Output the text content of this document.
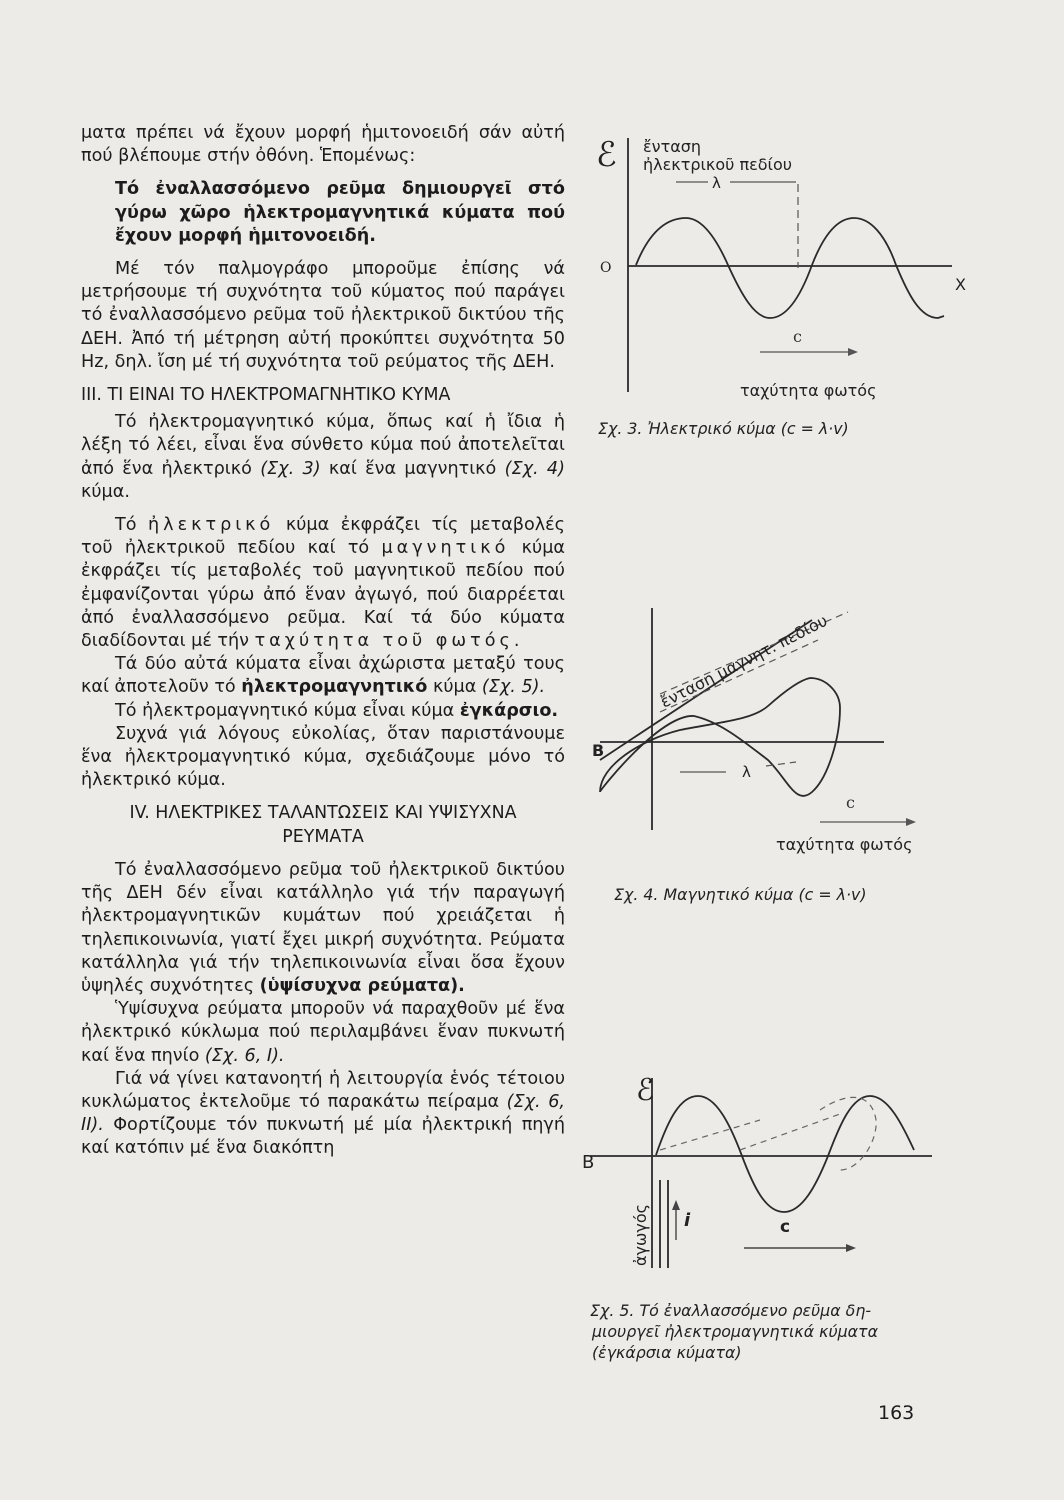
ματα πρέπει νά ἔχουν μορφή ἡμιτονοειδή σάν αὐτή πού βλέπουμε στήν ὀθόνη. Ἑπομένως:

Τό ἐναλλασσόμενο ρεῦμα δημιουργεῖ στό γύρω χῶρο ἡλεκτρομαγνητικά κύματα πού ἔχουν μορφή ἡμιτονοειδή.

Μέ τόν παλμογράφο μποροῦμε ἐπίσης νά μετρήσουμε τή συχνότητα τοῦ κύματος πού παράγει τό ἐναλλασσόμενο ρεῦμα τοῦ ἠλεκτρικοῦ δικτύου τῆς ΔΕΗ. Ἀπό τή μέτρηση αὐτή προκύπτει συχνότητα 50 Hz, δηλ. ἴση μέ τή συχνότητα τοῦ ρεύματος τῆς ΔΕΗ.

III. ΤΙ ΕΙΝΑΙ ΤΟ ΗΛΕΚΤΡΟΜΑΓΝΗΤΙΚΟ ΚΥΜΑ

Τό ἠλεκτρομαγνητικό κύμα, ὅπως καί ἡ ἴδια ἡ λέξη τό λέει, εἶναι ἕνα σύνθετο κύμα πού ἀποτελεῖται ἀπό ἕνα ἠλεκτρικό (Σχ. 3) καί ἕνα μαγνητικό (Σχ. 4) κύμα.

Τό ἠλεκτρικό κύμα ἐκφράζει τίς μεταβολές τοῦ ἠλεκτρικοῦ πεδίου καί τό μαγνητικό κύμα ἐκφράζει τίς μεταβολές τοῦ μαγνητικοῦ πεδίου πού ἐμφανίζονται γύρω ἀπό ἕναν ἀγωγό, πού διαρρέεται ἀπό ἐναλλασσόμενο ρεῦμα. Καί τά δύο κύματα διαδίδονται μέ τήν ταχύτητα τοῦ φωτός.

Τά δύο αὐτά κύματα εἶναι ἀχώριστα μεταξύ τους καί ἀποτελοῦν τό ἠλεκτρομαγνητικό κύμα (Σχ. 5).

Τό ἠλεκτρομαγνητικό κύμα εἶναι κύμα ἐγκάρσιο.

Συχνά γιά λόγους εὐκολίας, ὅταν παριστάνουμε ἕνα ἠλεκτρομαγνητικό κύμα, σχεδιάζουμε μόνο τό ἠλεκτρικό κύμα.

IV. ΗΛΕΚΤΡΙΚΕΣ ΤΑΛΑΝΤΩΣΕΙΣ ΚΑΙ ΥΨΙΣΥΧΝΑ
ΡΕΥΜΑΤΑ

Τό ἐναλλασσόμενο ρεῦμα τοῦ ἠλεκτρικοῦ δικτύου τῆς ΔΕΗ δέν εἶναι κατάλληλο γιά τήν παραγωγή ἠλεκτρομαγνητικῶν κυμάτων πού χρειάζεται ἡ τηλεπικοινωνία, γιατί ἔχει μικρή συχνότητα. Ρεύματα κατάλληλα γιά τήν τηλεπικοινωνία εἶναι ὅσα ἔχουν ὑψηλές συχνότητες (ὑψίσυχνα ρεύματα).

Ὑψίσυχνα ρεύματα μποροῦν νά παραχθοῦν μέ ἕνα ἠλεκτρικό κύκλωμα πού περιλαμβάνει ἕναν πυκνωτή καί ἕνα πηνίο (Σχ. 6, I).

Γιά νά γίνει κατανοητή ἡ λειτουργία ἑνός τέτοιου κυκλώματος ἐκτελοῦμε τό παρακάτω πείραμα (Σχ. 6, II). Φορτίζουμε τόν πυκνωτή μέ μία ἠλεκτρική πηγή καί κατόπιν μέ ἕνα διακόπτη

ℰ ἔνταση
ἠλεκτρικοῦ πεδίου
λ
O
X
c
ταχύτητα φωτός
Σχ. 3. Ἠλεκτρικό κύμα (c = λ·v)
ἔνταση μαγνητ. πεδίου
B
λ
c
ταχύτητα φωτός
Σχ. 4. Μαγνητικό κύμα (c = λ·v)
ℰ
B
ἀγωγός i	c
Σχ. 5. Τό ἐναλλασσόμενο ρεῦμα δη-
μιουργεῖ ἠλεκτρομαγνητικά κύματα
(ἐγκάρσια κύματα)
163
